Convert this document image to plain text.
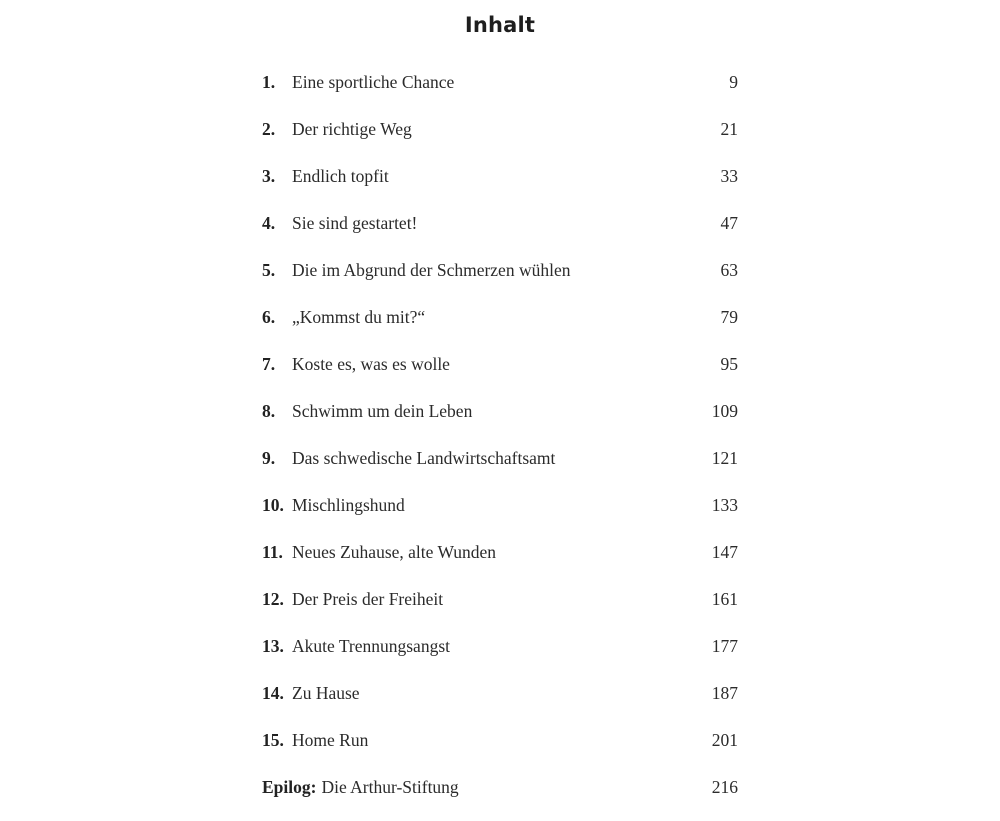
Inhalt
1. Eine sportliche Chance	9
2. Der richtige Weg	21
3. Endlich topfit	33
4. Sie sind gestartet!	47
5. Die im Abgrund der Schmerzen wühlen	63
6. „Kommst du mit?“	79
7. Koste es, was es wolle	95
8. Schwimm um dein Leben	109
9. Das schwedische Landwirtschaftsamt	121
10. Mischlingshund	133
11. Neues Zuhause, alte Wunden	147
12. Der Preis der Freiheit	161
13. Akute Trennungsangst	177
14. Zu Hause	187
15. Home Run	201
Epilog: Die Arthur-Stiftung	216
